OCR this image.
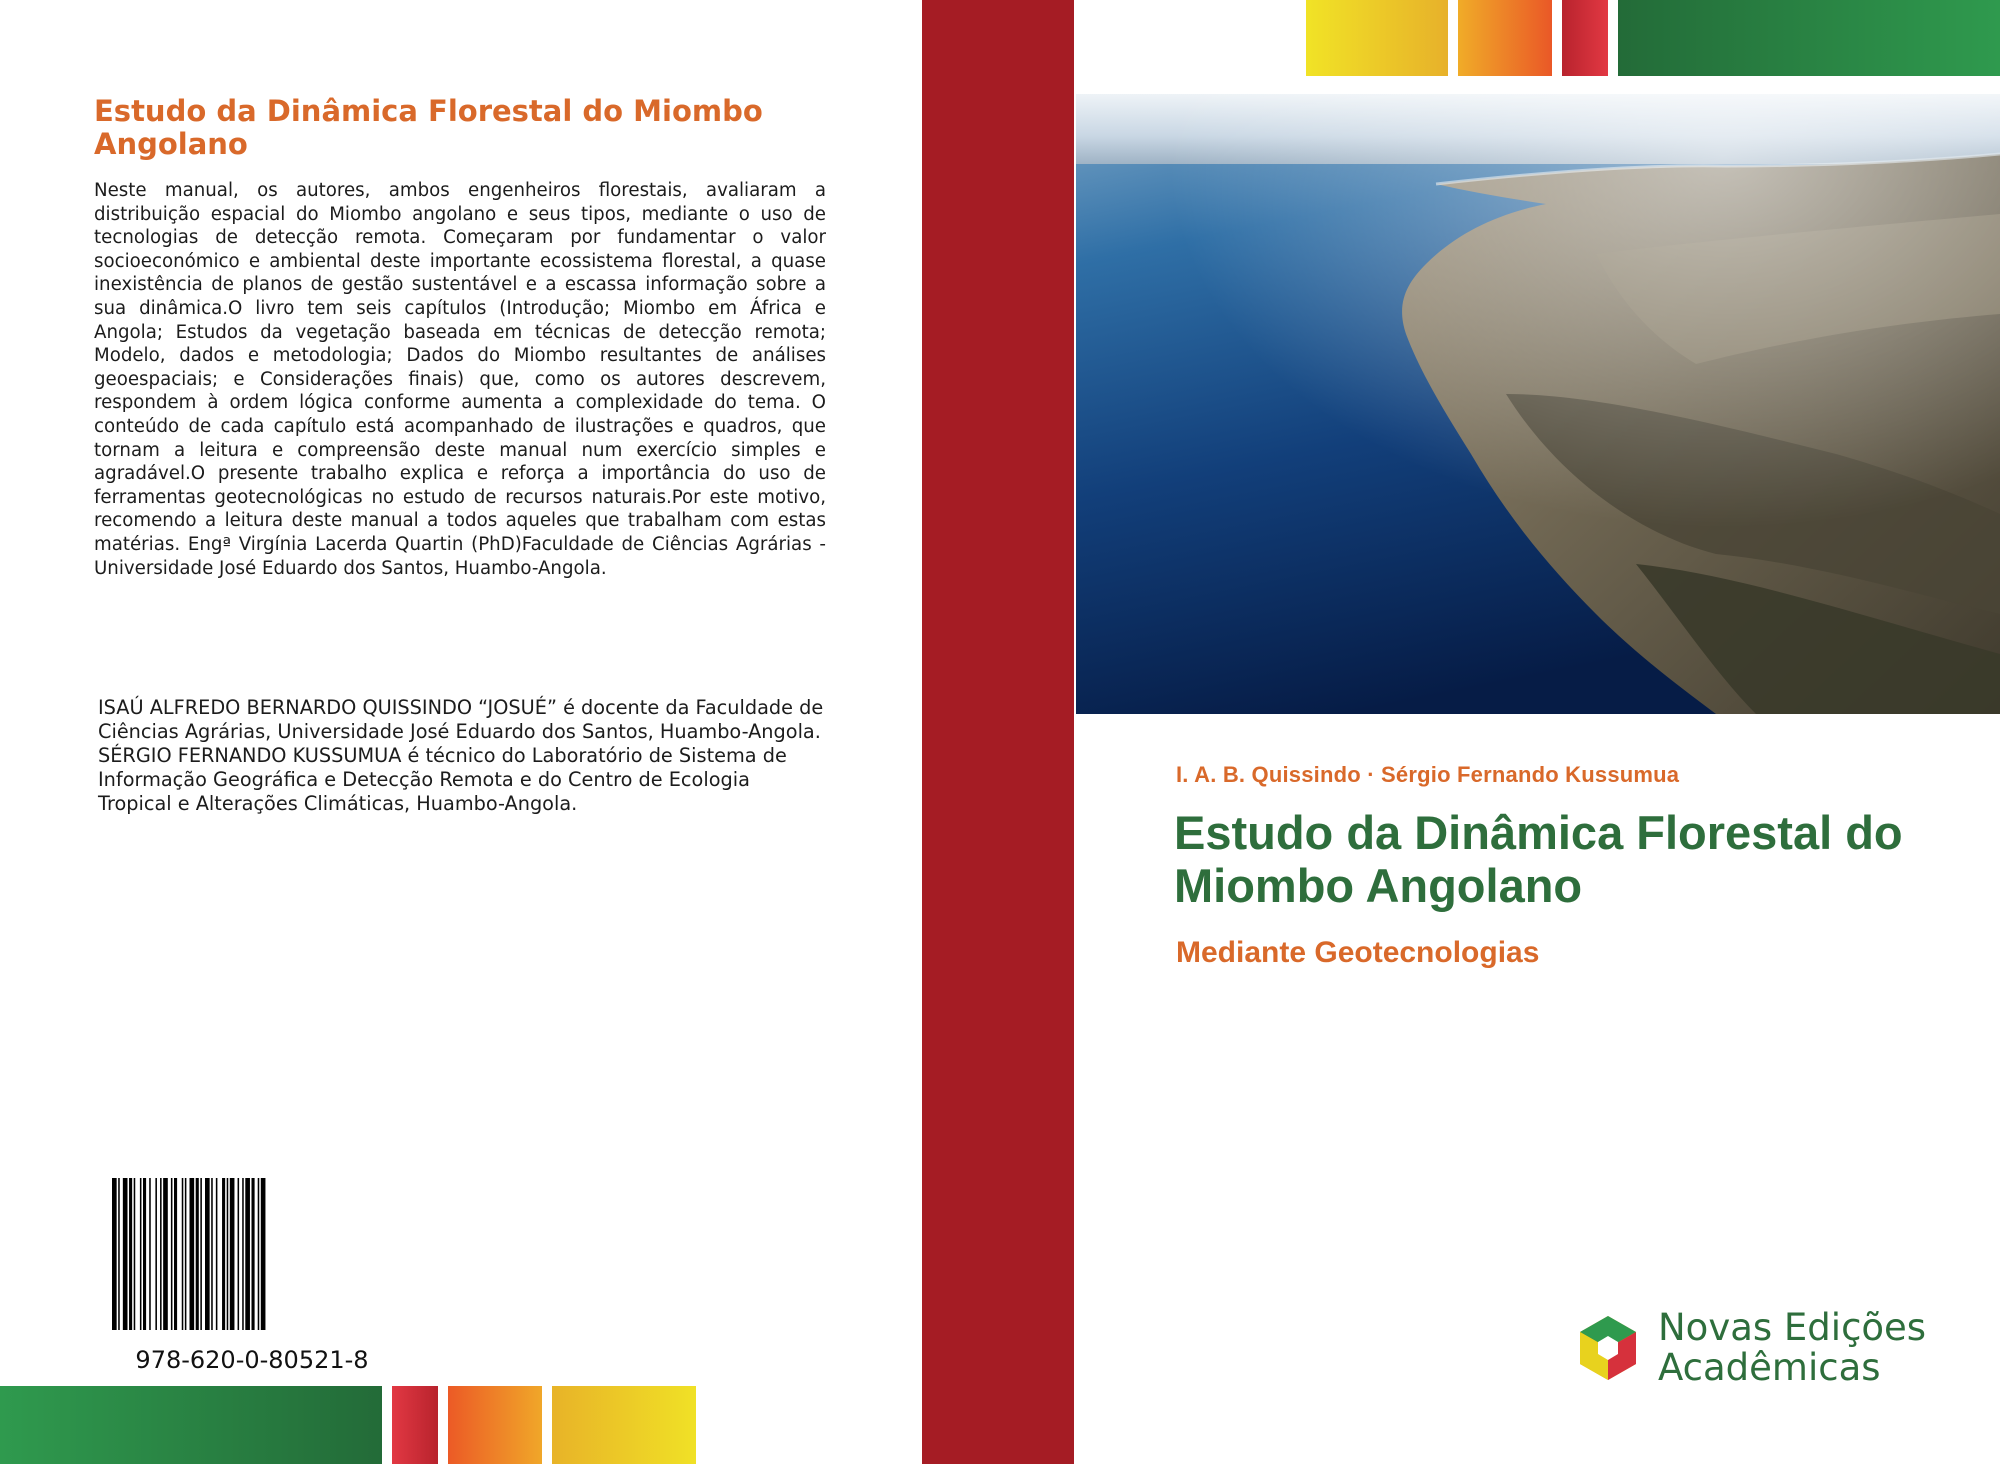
Estudo da Dinâmica Florestal do Miombo Angolano
Neste manual, os autores, ambos engenheiros florestais, avaliaram a distribuição espacial do Miombo angolano e seus tipos, mediante o uso de tecnologias de detecção remota. Começaram por fundamentar o valor socioeconómico e ambiental deste importante ecossistema florestal, a quase inexistência de planos de gestão sustentável e a escassa informação sobre a sua dinâmica.O livro tem seis capítulos (Introdução; Miombo em África e Angola; Estudos da vegetação baseada em técnicas de detecção remota; Modelo, dados e metodologia; Dados do Miombo resultantes de análises geoespaciais; e Considerações finais) que, como os autores descrevem, respondem à ordem lógica conforme aumenta a complexidade do tema. O conteúdo de cada capítulo está acompanhado de ilustrações e quadros, que tornam a leitura e compreensão deste manual num exercício simples e agradável.O presente trabalho explica e reforça a importância do uso de ferramentas geotecnológicas no estudo de recursos naturais.Por este motivo, recomendo a leitura deste manual a todos aqueles que trabalham com estas matérias. Engª Virgínia Lacerda Quartin (PhD)Faculdade de Ciências Agrárias - Universidade José Eduardo dos Santos, Huambo-Angola.

ISAÚ ALFREDO BERNARDO QUISSINDO “JOSUÉ” é docente da Faculdade de Ciências Agrárias, Universidade José Eduardo dos Santos, Huambo-Angola.

SÉRGIO FERNANDO KUSSUMUA é técnico do Laboratório de Sistema de Informação Geográfica e Detecção Remota e do Centro de Ecologia Tropical e Alterações Climáticas, Huambo-Angola.

978-620-0-80521-8
I. A. B. Quissindo · Sérgio Fernando Kussumua
Estudo da Dinâmica Florestal do Miombo Angolano
Mediante Geotecnologias
Novas Edições
Acadêmicas
